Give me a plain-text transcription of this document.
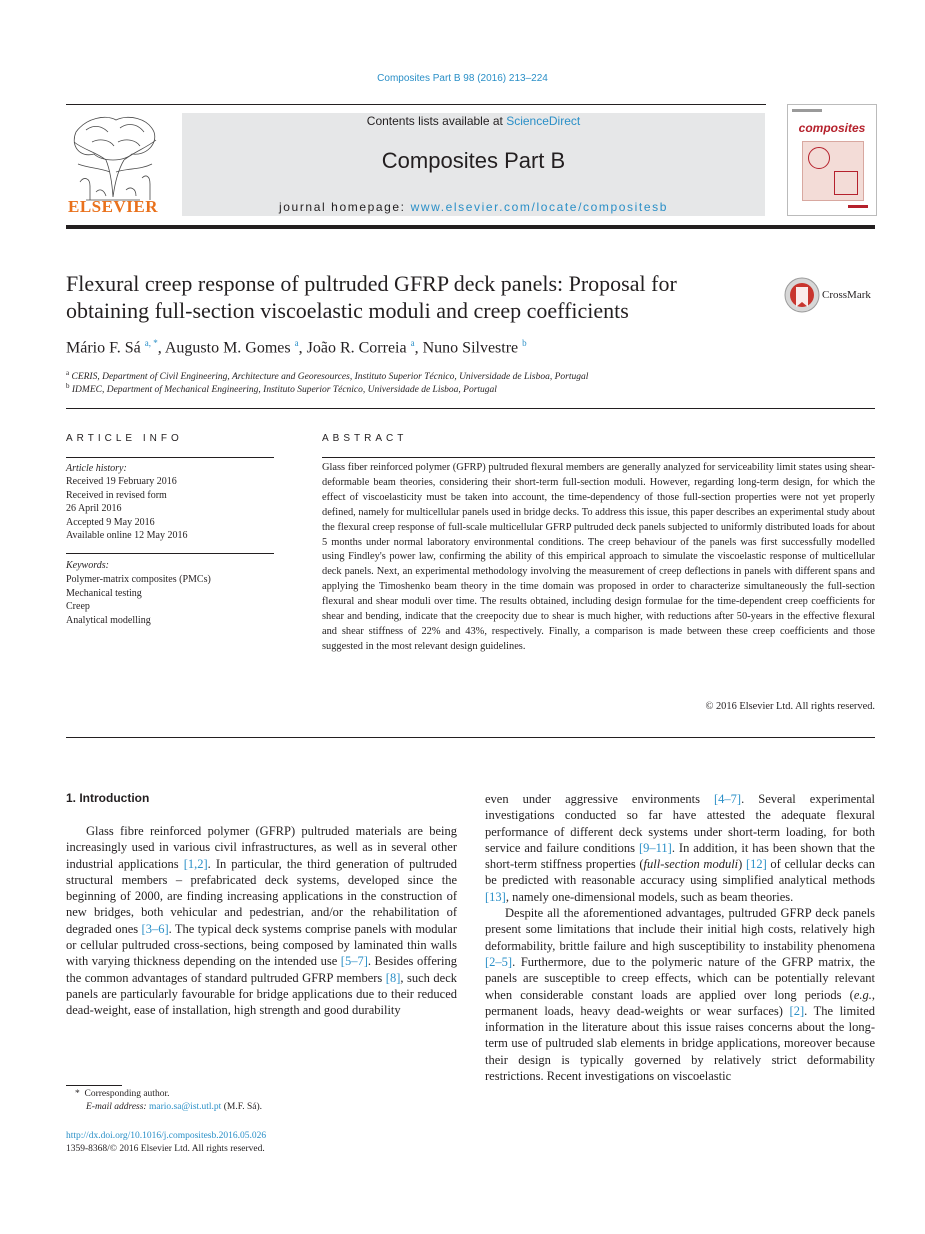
Composites Part B 98 (2016) 213–224
ELSEVIER
Contents lists available at ScienceDirect
Composites Part B
journal homepage: www.elsevier.com/locate/compositesb
composites
Flexural creep response of pultruded GFRP deck panels: Proposal for
obtaining full-section viscoelastic moduli and creep coefficients
CrossMark
Mário F. Sá $^{a, *}$, Augusto M. Gomes $^a$, João R. Correia $^a$, Nuno Silvestre $^b$
$^a$ CERIS, Department of Civil Engineering, Architecture and Georesources, Instituto Superior Técnico, Universidade de Lisboa, Portugal
$^b$ IDMEC, Department of Mechanical Engineering, Instituto Superior Técnico, Universidade de Lisboa, Portugal
ARTICLE INFO
Article history:
Received 19 February 2016
Received in revised form
26 April 2016
Accepted 9 May 2016
Available online 12 May 2016
Keywords:
Polymer-matrix composites (PMCs)
Mechanical testing
Creep
Analytical modelling
ABSTRACT
Glass fiber reinforced polymer (GFRP) pultruded flexural members are generally analyzed for serviceability limit states using shear-deformable beam theories, considering their short-term full-section moduli. However, regarding long-term design, for which the effect of viscoelasticity must be taken into account, the time-dependency of those full-section properties were not yet properly defined, namely for multicellular panels used in bridge decks. To address this issue, this paper describes an experimental study about the flexural creep response of full-scale multicellular GFRP pultruded deck panels subjected to uniformly distributed loads for about 5 months under normal laboratory environmental conditions. The creep behaviour of the panels was first successfully modelled using Findley's power law, confirming the ability of this empirical approach to simulate the viscoelastic response of multicellular deck panels. Next, an experimental methodology involving the measurement of creep deflections in panels with different spans and applying the Timoshenko beam theory in the time domain was proposed in order to characterize simultaneously the full-section flexural and shear moduli over time. The results obtained, including design formulae for the time-dependent creep coefficients for shear and bending, indicate that the creepocity due to shear is much higher, with reductions after 50-years in the effective flexural and shear stiffness of 22% and 43%, respectively. Finally, a comparison is made between these creep coefficients and those suggested in the most relevant design guidelines.
© 2016 Elsevier Ltd. All rights reserved.
1. Introduction

Glass fibre reinforced polymer (GFRP) pultruded materials are being increasingly used in various civil infrastructures, as well as in several other industrial applications [1,2]. In particular, the third generation of pultruded structural members – prefabricated deck systems, developed since the beginning of 2000, are finding increasing applications in the construction of new bridges, both vehicular and pedestrian, and/or the rehabilitation of degraded ones [3–6]. The typical deck systems comprise panels with modular or cellular pultruded cross-sections, being composed by laminated thin walls with varying thickness depending on the intended use [5–7]. Besides offering the common advantages of standard pultruded GFRP members [8], such deck panels are particularly favourable for bridge applications due to their reduced dead-weight, ease of installation, high strength and good durability

even under aggressive environments [4–7]. Several experimental investigations conducted so far have attested the adequate flexural performance of different deck systems under short-term loading, for both service and failure conditions [9–11]. In addition, it has been shown that the short-term stiffness properties (full-section moduli) [12] of cellular decks can be predicted with reasonable accuracy using simplified analytical methods [13], namely one-dimensional models, such as beam theories.

Despite all the aforementioned advantages, pultruded GFRP deck panels present some limitations that include their initial high costs, relatively high deformability, brittle failure and high susceptibility to instability phenomena [2–5]. Furthermore, due to the polymeric nature of the GFRP matrix, the panels are susceptible to creep effects, which can be potentially relevant when considerable constant loads are applied over long periods (e.g., permanent loads, heavy dead-weights or wear surfaces) [2]. The limited information in the literature about this issue raises concerns about the long-term use of pultruded slab elements in bridge applications, moreover because their design is typically governed by relatively strict deformability restrictions. Recent investigations on viscoelastic

* Corresponding author.
E-mail address: mario.sa@ist.utl.pt (M.F. Sá).
http://dx.doi.org/10.1016/j.compositesb.2016.05.026
1359-8368/© 2016 Elsevier Ltd. All rights reserved.
